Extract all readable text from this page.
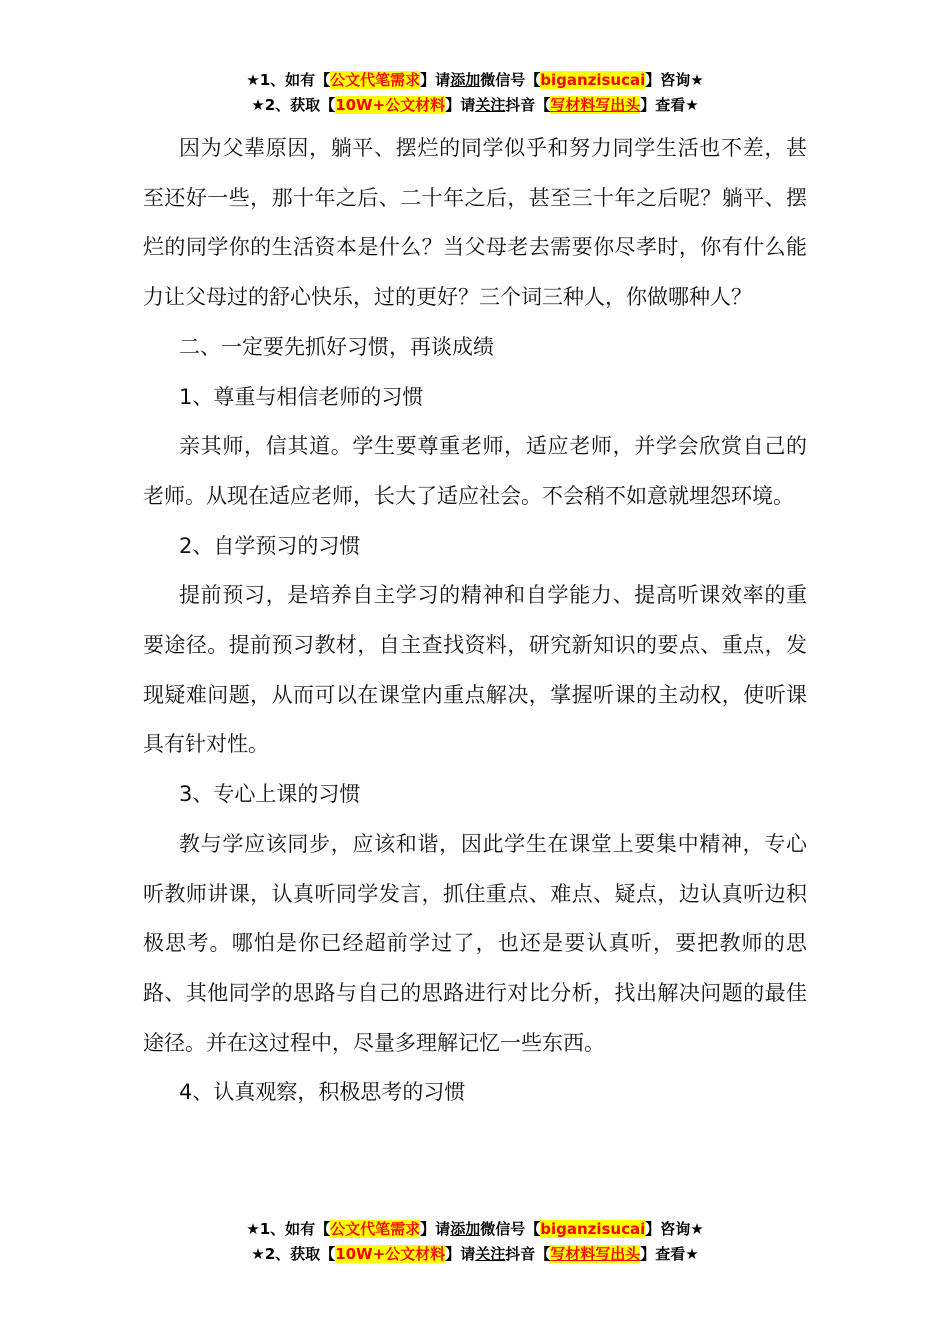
★1、如有【公文代笔需求】请添加微信号【biganzisucai】咨询★
★2、获取【10W+公文材料】请关注抖音【写材料写出头】查看★

因为父辈原因，躺平、摆烂的同学似乎和努力同学生活也不差，甚至还好一些，那十年之后、二十年之后，甚至三十年之后呢？躺平、摆烂的同学你的生活资本是什么？当父母老去需要你尽孝时，你有什么能力让父母过的舒心快乐，过的更好？三个词三种人，你做哪种人？

二、一定要先抓好习惯，再谈成绩

1、尊重与相信老师的习惯

亲其师，信其道。学生要尊重老师，适应老师，并学会欣赏自己的老师。从现在适应老师，长大了适应社会。不会稍不如意就埋怨环境。

2、自学预习的习惯

提前预习，是培养自主学习的精神和自学能力、提高听课效率的重要途径。提前预习教材，自主查找资料，研究新知识的要点、重点，发现疑难问题，从而可以在课堂内重点解决，掌握听课的主动权，使听课具有针对性。

3、专心上课的习惯

教与学应该同步，应该和谐，因此学生在课堂上要集中精神，专心听教师讲课，认真听同学发言，抓住重点、难点、疑点，边认真听边积极思考。哪怕是你已经超前学过了，也还是要认真听，要把教师的思路、其他同学的思路与自己的思路进行对比分析，找出解决问题的最佳途径。并在这过程中，尽量多理解记忆一些东西。

4、认真观察，积极思考的习惯

★1、如有【公文代笔需求】请添加微信号【biganzisucai】咨询★
★2、获取【10W+公文材料】请关注抖音【写材料写出头】查看★
